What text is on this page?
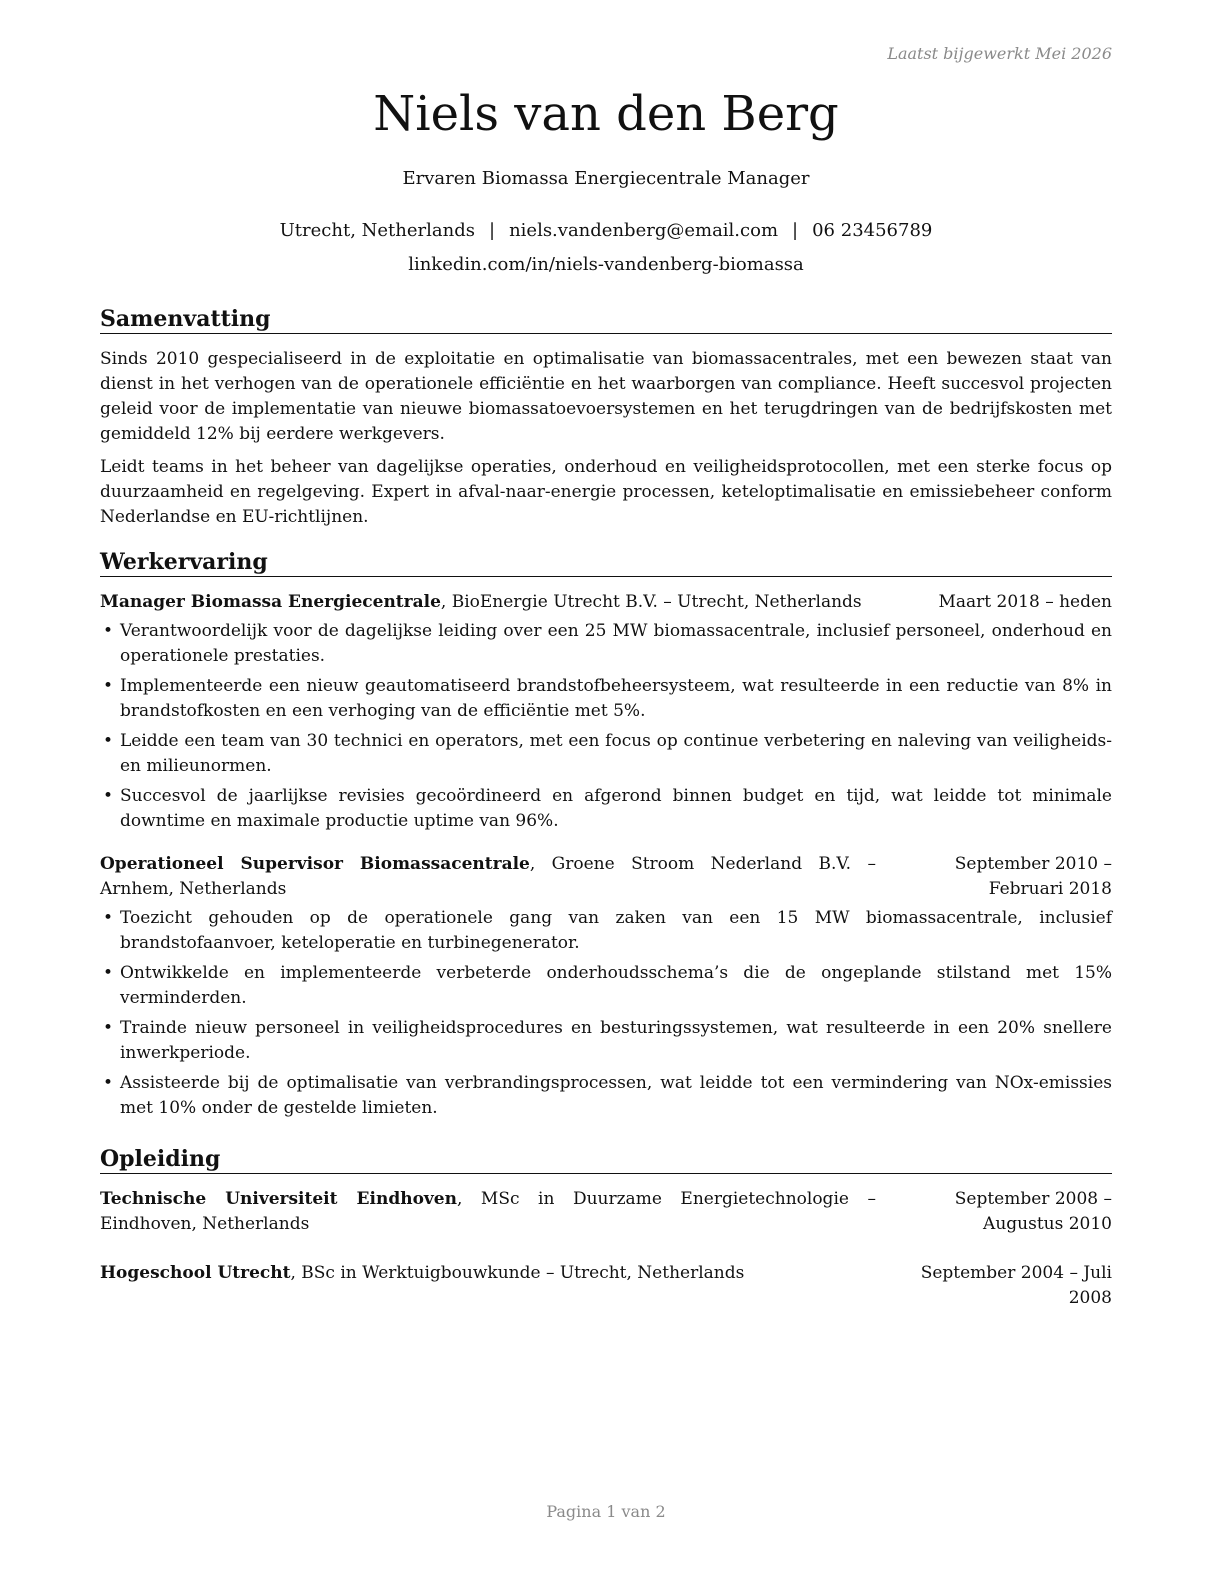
Laatst bijgewerkt Mei 2026
Niels van den Berg
Ervaren Biomassa Energiecentrale Manager
Utrecht, Netherlands | niels.vandenberg@email.com | 06 23456789
linkedin.com/in/niels-vandenberg-biomassa
Samenvatting

Sinds 2010 gespecialiseerd in de exploitatie en optimalisatie van biomassacentrales, met een bewezen staat van dienst in het verhogen van de operationele efficiëntie en het waarborgen van compliance. Heeft succesvol projecten geleid voor de implementatie van nieuwe biomassatoevoersystemen en het terugdringen van de bedrijfskosten met gemiddeld 12% bij eerdere werkgevers.

Leidt teams in het beheer van dagelijkse operaties, onderhoud en veiligheidsprotocollen, met een sterke focus op duurzaamheid en regelgeving. Expert in afval-naar-energie processen, keteloptimalisatie en emissiebeheer conform Nederlandse en EU-richtlijnen.

Werkervaring
Manager Biomassa Energiecentrale, BioEnergie Utrecht B.V. – Utrecht, Netherlands	Maart 2018 – heden
• Verantwoordelijk voor de dagelijkse leiding over een 25 MW biomassacentrale, inclusief personeel, onderhoud en operationele prestaties.
• Implementeerde een nieuw geautomatiseerd brandstofbeheersysteem, wat resulteerde in een reductie van 8% in brandstofkosten en een verhoging van de efficiëntie met 5%.
• Leidde een team van 30 technici en operators, met een focus op continue verbetering en naleving van veiligheids- en milieunormen.
• Succesvol de jaarlijkse revisies gecoördineerd en afgerond binnen budget en tijd, wat leidde tot minimale downtime en maximale productie uptime van 96%.
Operationeel Supervisor Biomassacentrale, Groene Stroom Nederland B.V. – Arnhem, Netherlands
September 2010 – Februari 2018
• Toezicht gehouden op de operationele gang van zaken van een 15 MW biomassacentrale, inclusief brandstofaanvoer, keteloperatie en turbinegenerator.
• Ontwikkelde en implementeerde verbeterde onderhoudsschema’s die de ongeplande stilstand met 15% verminderden.
• Trainde nieuw personeel in veiligheidsprocedures en besturingssystemen, wat resulteerde in een 20% snellere inwerkperiode.
• Assisteerde bij de optimalisatie van verbrandingsprocessen, wat leidde tot een vermindering van NOx-emissies met 10% onder de gestelde limieten.
Opleiding
Technische Universiteit Eindhoven, MSc in Duurzame Energietechnologie – Eindhoven, Netherlands
September 2008 – Augustus 2010
Hogeschool Utrecht, BSc in Werktuigbouwkunde – Utrecht, Netherlands	September 2004 – Juli 2008
Pagina 1 van 2
